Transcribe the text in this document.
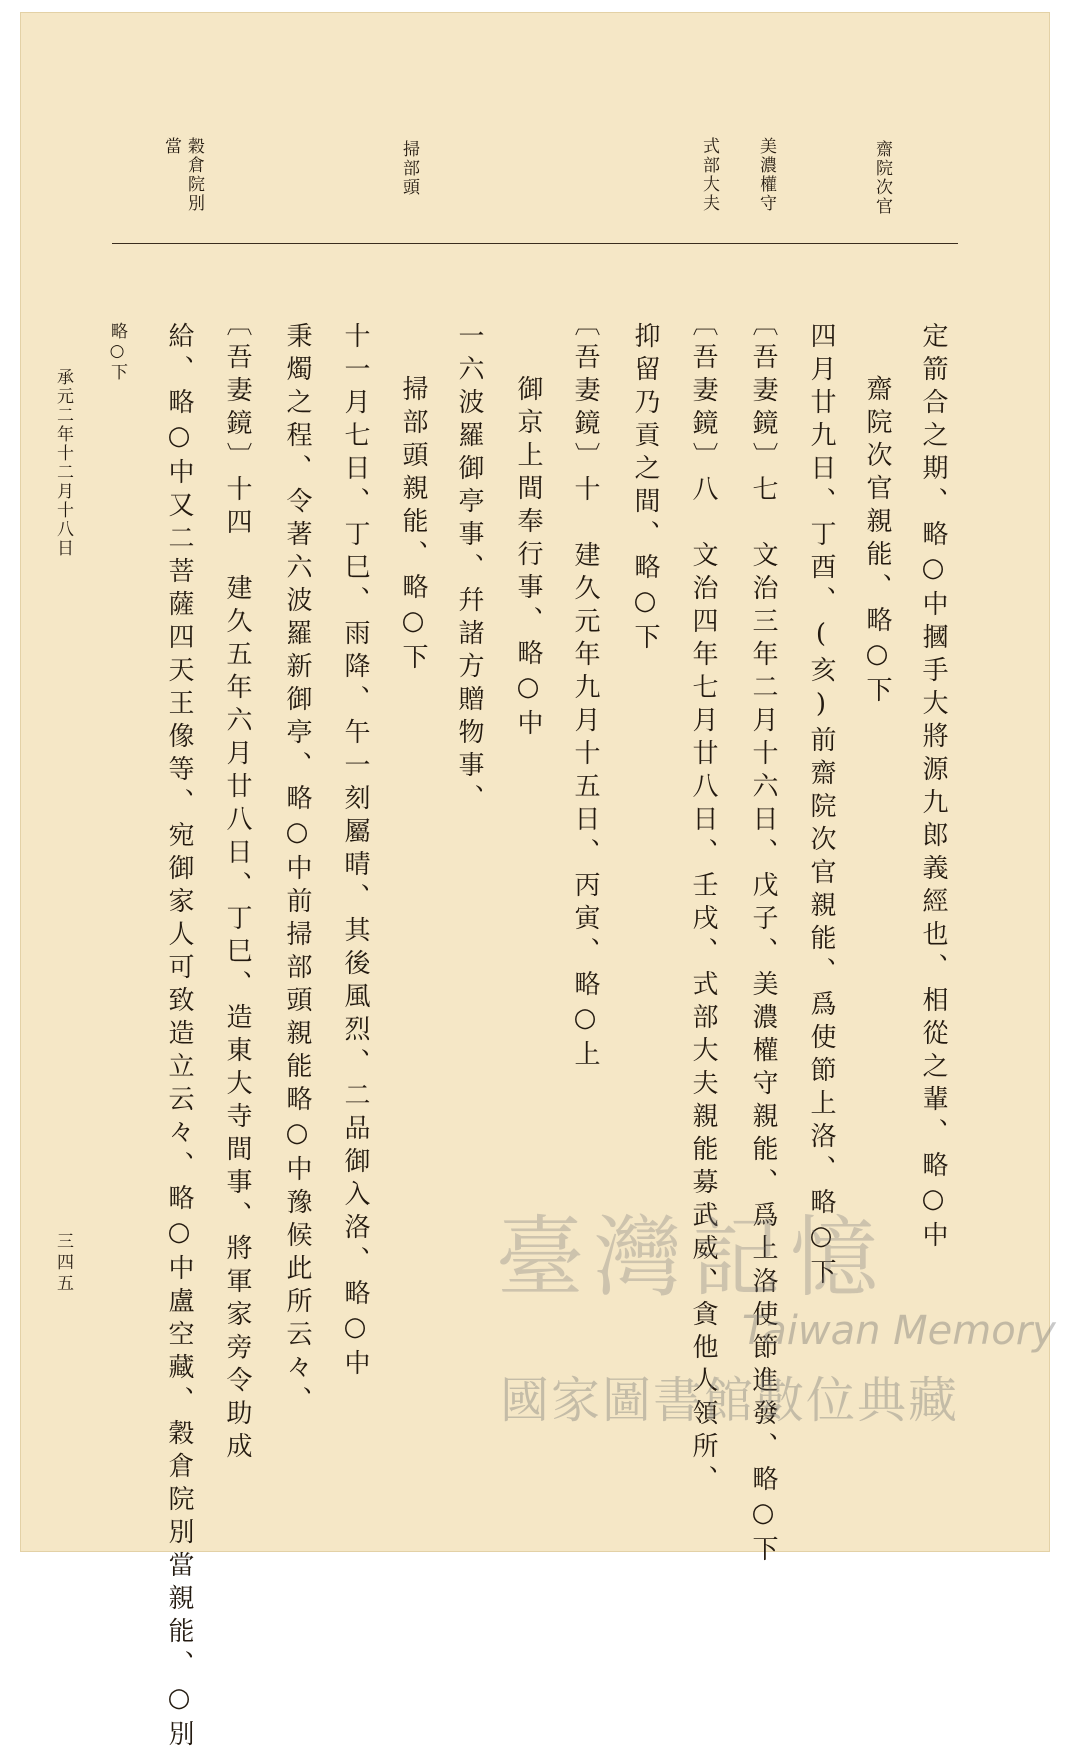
齋院次官
美濃權守
式部大夫
掃部頭
穀倉院別
當
定箭合之期、略○中摑手大將源九郎義經也、相從之輩、略○中
齋院次官親能、略○下
四月廿九日、丁酉、(亥)前齋院次官親能、爲使節上洛、略○下
〔吾妻鏡〕七　文治三年二月十六日、戊子、美濃權守親能、爲上洛使節進發、略○下
〔吾妻鏡〕八　文治四年七月廿八日、壬戌、式部大夫親能募武威、貪他人領所、
抑留乃貢之間、略○下
〔吾妻鏡〕十　建久元年九月十五日、丙寅、略○上
御京上間奉行事、略○中
一六波羅御亭事、幷諸方贈物事、
掃部頭親能、略○下
十一月七日、丁巳、雨降、午一刻屬晴、其後風烈、二品御入洛、略○中
秉燭之程、令著六波羅新御亭、略○中前掃部頭親能略○中豫候此所云々、
〔吾妻鏡〕十四　建久五年六月廿八日、丁巳、造東大寺間事、將軍家旁令助成
給、略○中又二菩薩四天王像等、宛御家人可致造立云々、略○中盧空藏、穀倉院別當親能、○別
略○下
承元二年十二月十八日
三四五	臺灣記憶
Taiwan Memory
國家圖書館數位典藏
